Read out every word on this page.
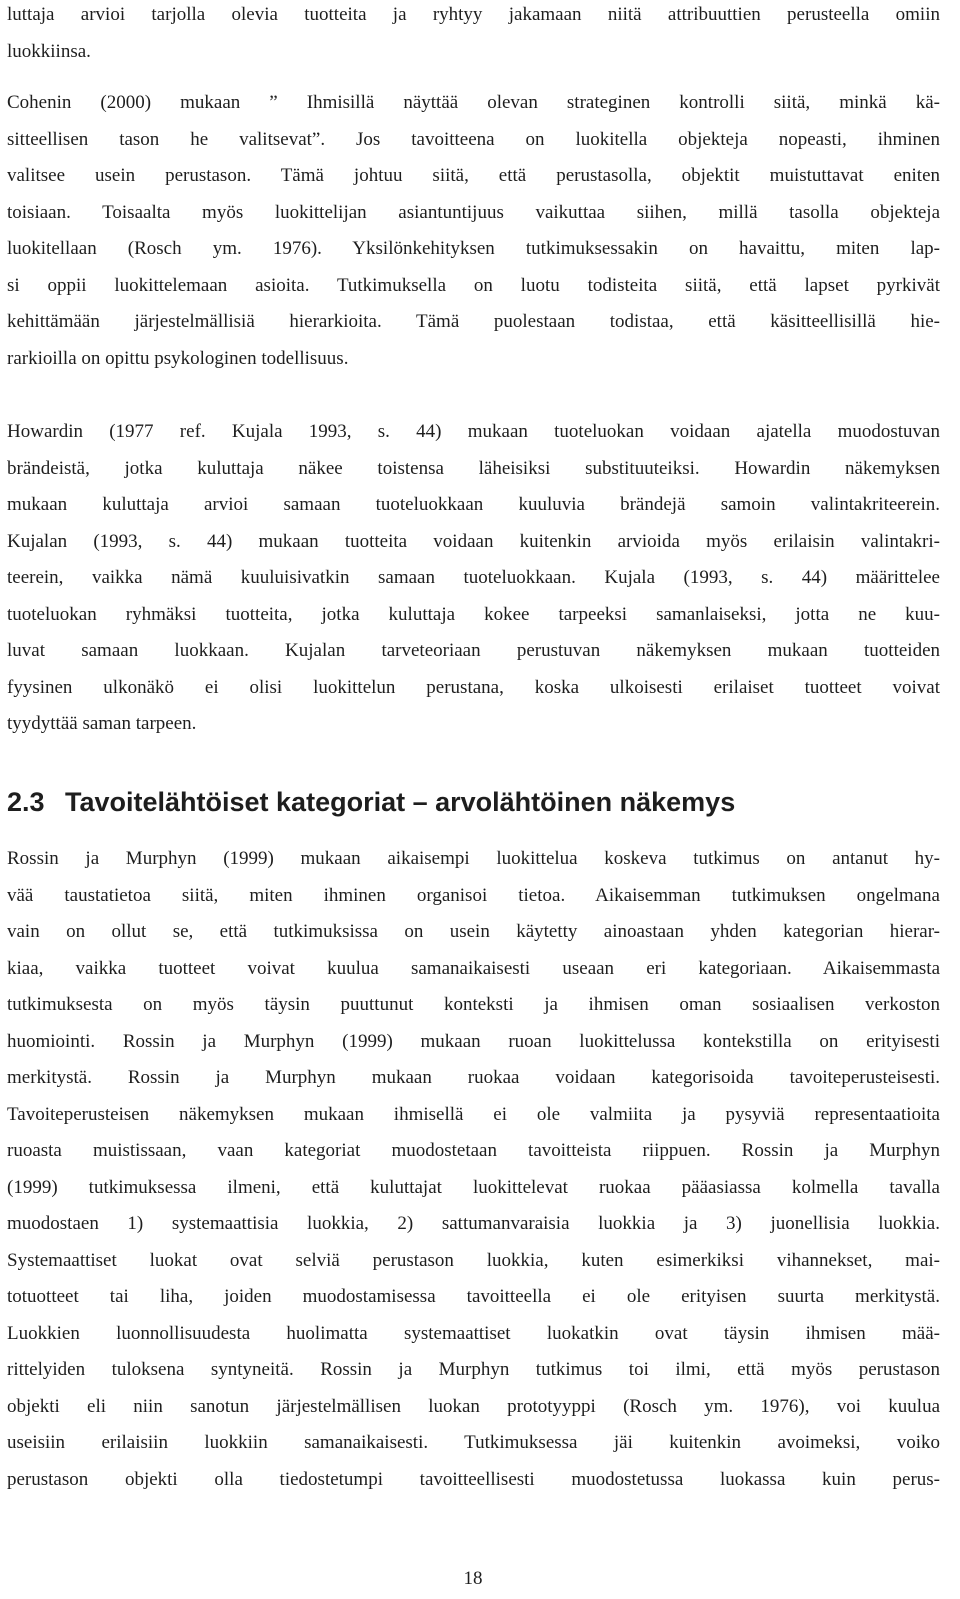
luttaja arvioi tarjolla olevia tuotteita ja ryhtyy jakamaan niitä attribuuttien perusteella omiin
luokkiinsa.
Cohenin (2000) mukaan ” Ihmisillä näyttää olevan strateginen kontrolli siitä, minkä kä-
sitteellisen tason he valitsevat”. Jos tavoitteena on luokitella objekteja nopeasti, ihminen
valitsee usein perustason. Tämä johtuu siitä, että perustasolla, objektit muistuttavat eniten
toisiaan. Toisaalta myös luokittelijan asiantuntijuus vaikuttaa siihen, millä tasolla objekteja
luokitellaan (Rosch ym. 1976). Yksilönkehityksen tutkimuksessakin on havaittu, miten lap-
si oppii luokittelemaan asioita. Tutkimuksella on luotu todisteita siitä, että lapset pyrkivät
kehittämään järjestelmällisiä hierarkioita. Tämä puolestaan todistaa, että käsitteellisillä hie-
rarkioilla on opittu psykologinen todellisuus.
Howardin (1977 ref. Kujala 1993, s. 44) mukaan tuoteluokan voidaan ajatella muodostuvan
brändeistä, jotka kuluttaja näkee toistensa läheisiksi substituuteiksi. Howardin näkemyksen
mukaan kuluttaja arvioi samaan tuoteluokkaan kuuluvia brändejä samoin valintakriteerein.
Kujalan (1993, s. 44) mukaan tuotteita voidaan kuitenkin arvioida myös erilaisin valintakri-
teerein, vaikka nämä kuuluisivatkin samaan tuoteluokkaan. Kujala (1993, s. 44) määrittelee
tuoteluokan ryhmäksi tuotteita, jotka kuluttaja kokee tarpeeksi samanlaiseksi, jotta ne kuu-
luvat samaan luokkaan. Kujalan tarveteoriaan perustuvan näkemyksen mukaan tuotteiden
fyysinen ulkonäkö ei olisi luokittelun perustana, koska ulkoisesti erilaiset tuotteet voivat
tyydyttää saman tarpeen.
2.3 Tavoitelähtöiset kategoriat – arvolähtöinen näkemys
Rossin ja Murphyn (1999) mukaan aikaisempi luokittelua koskeva tutkimus on antanut hy-
vää taustatietoa siitä, miten ihminen organisoi tietoa. Aikaisemman tutkimuksen ongelmana
vain on ollut se, että tutkimuksissa on usein käytetty ainoastaan yhden kategorian hierar-
kiaa, vaikka tuotteet voivat kuulua samanaikaisesti useaan eri kategoriaan. Aikaisemmasta
tutkimuksesta on myös täysin puuttunut konteksti ja ihmisen oman sosiaalisen verkoston
huomiointi. Rossin ja Murphyn (1999) mukaan ruoan luokittelussa kontekstilla on erityisesti
merkitystä. Rossin ja Murphyn mukaan ruokaa voidaan kategorisoida tavoiteperusteisesti.
Tavoiteperusteisen näkemyksen mukaan ihmisellä ei ole valmiita ja pysyviä representaatioita
ruoasta muistissaan, vaan kategoriat muodostetaan tavoitteista riippuen. Rossin ja Murphyn
(1999) tutkimuksessa ilmeni, että kuluttajat luokittelevat ruokaa pääasiassa kolmella tavalla
muodostaen 1) systemaattisia luokkia, 2) sattumanvaraisia luokkia ja 3) juonellisia luokkia.
Systemaattiset luokat ovat selviä perustason luokkia, kuten esimerkiksi vihannekset, mai-
totuotteet tai liha, joiden muodostamisessa tavoitteella ei ole erityisen suurta merkitystä.
Luokkien luonnollisuudesta huolimatta systemaattiset luokatkin ovat täysin ihmisen mää-
rittelyiden tuloksena syntyneitä. Rossin ja Murphyn tutkimus toi ilmi, että myös perustason
objekti eli niin sanotun järjestelmällisen luokan prototyyppi (Rosch ym. 1976), voi kuulua
useisiin erilaisiin luokkiin samanaikaisesti. Tutkimuksessa jäi kuitenkin avoimeksi, voiko
perustason objekti olla tiedostetumpi tavoitteellisesti muodostetussa luokassa kuin perus-
18
